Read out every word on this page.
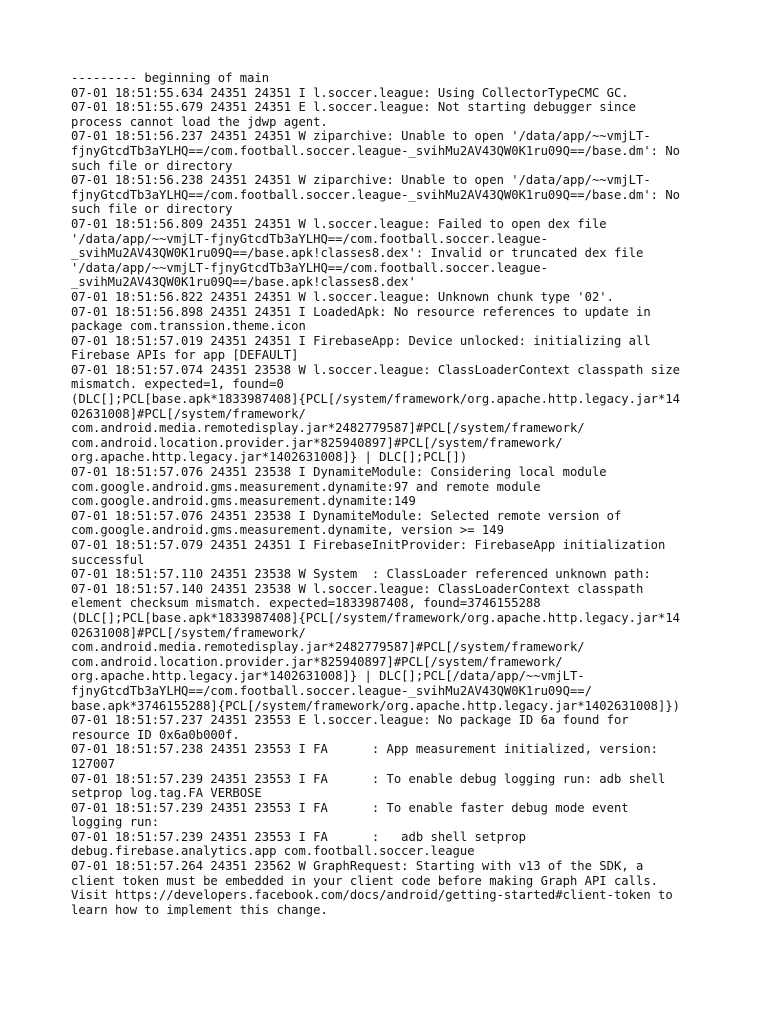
--------- beginning of main
07-01 18:51:55.634 24351 24351 I l.soccer.league: Using CollectorTypeCMC GC.
07-01 18:51:55.679 24351 24351 E l.soccer.league: Not starting debugger since
process cannot load the jdwp agent.
07-01 18:51:56.237 24351 24351 W ziparchive: Unable to open '/data/app/~~vmjLT-
fjnyGtcdTb3aYLHQ==/com.football.soccer.league-_svihMu2AV43QW0K1ru09Q==/base.dm': No
such file or directory
07-01 18:51:56.238 24351 24351 W ziparchive: Unable to open '/data/app/~~vmjLT-
fjnyGtcdTb3aYLHQ==/com.football.soccer.league-_svihMu2AV43QW0K1ru09Q==/base.dm': No
such file or directory
07-01 18:51:56.809 24351 24351 W l.soccer.league: Failed to open dex file
'/data/app/~~vmjLT-fjnyGtcdTb3aYLHQ==/com.football.soccer.league-
_svihMu2AV43QW0K1ru09Q==/base.apk!classes8.dex': Invalid or truncated dex file
'/data/app/~~vmjLT-fjnyGtcdTb3aYLHQ==/com.football.soccer.league-
_svihMu2AV43QW0K1ru09Q==/base.apk!classes8.dex'
07-01 18:51:56.822 24351 24351 W l.soccer.league: Unknown chunk type '02'.
07-01 18:51:56.898 24351 24351 I LoadedApk: No resource references to update in
package com.transsion.theme.icon
07-01 18:51:57.019 24351 24351 I FirebaseApp: Device unlocked: initializing all
Firebase APIs for app [DEFAULT]
07-01 18:51:57.074 24351 23538 W l.soccer.league: ClassLoaderContext classpath size
mismatch. expected=1, found=0
(DLC[];PCL[base.apk*1833987408]{PCL[/system/framework/org.apache.http.legacy.jar*14
02631008]#PCL[/system/framework/
com.android.media.remotedisplay.jar*2482779587]#PCL[/system/framework/
com.android.location.provider.jar*825940897]#PCL[/system/framework/
org.apache.http.legacy.jar*1402631008]} | DLC[];PCL[])
07-01 18:51:57.076 24351 23538 I DynamiteModule: Considering local module
com.google.android.gms.measurement.dynamite:97 and remote module
com.google.android.gms.measurement.dynamite:149
07-01 18:51:57.076 24351 23538 I DynamiteModule: Selected remote version of
com.google.android.gms.measurement.dynamite, version >= 149
07-01 18:51:57.079 24351 24351 I FirebaseInitProvider: FirebaseApp initialization
successful
07-01 18:51:57.110 24351 23538 W System  : ClassLoader referenced unknown path:
07-01 18:51:57.140 24351 23538 W l.soccer.league: ClassLoaderContext classpath
element checksum mismatch. expected=1833987408, found=3746155288
(DLC[];PCL[base.apk*1833987408]{PCL[/system/framework/org.apache.http.legacy.jar*14
02631008]#PCL[/system/framework/
com.android.media.remotedisplay.jar*2482779587]#PCL[/system/framework/
com.android.location.provider.jar*825940897]#PCL[/system/framework/
org.apache.http.legacy.jar*1402631008]} | DLC[];PCL[/data/app/~~vmjLT-
fjnyGtcdTb3aYLHQ==/com.football.soccer.league-_svihMu2AV43QW0K1ru09Q==/
base.apk*3746155288]{PCL[/system/framework/org.apache.http.legacy.jar*1402631008]})
07-01 18:51:57.237 24351 23553 E l.soccer.league: No package ID 6a found for
resource ID 0x6a0b000f.
07-01 18:51:57.238 24351 23553 I FA      : App measurement initialized, version:
127007
07-01 18:51:57.239 24351 23553 I FA      : To enable debug logging run: adb shell
setprop log.tag.FA VERBOSE
07-01 18:51:57.239 24351 23553 I FA      : To enable faster debug mode event
logging run:
07-01 18:51:57.239 24351 23553 I FA      :   adb shell setprop
debug.firebase.analytics.app com.football.soccer.league
07-01 18:51:57.264 24351 23562 W GraphRequest: Starting with v13 of the SDK, a
client token must be embedded in your client code before making Graph API calls.
Visit https://developers.facebook.com/docs/android/getting-started#client-token to
learn how to implement this change.
